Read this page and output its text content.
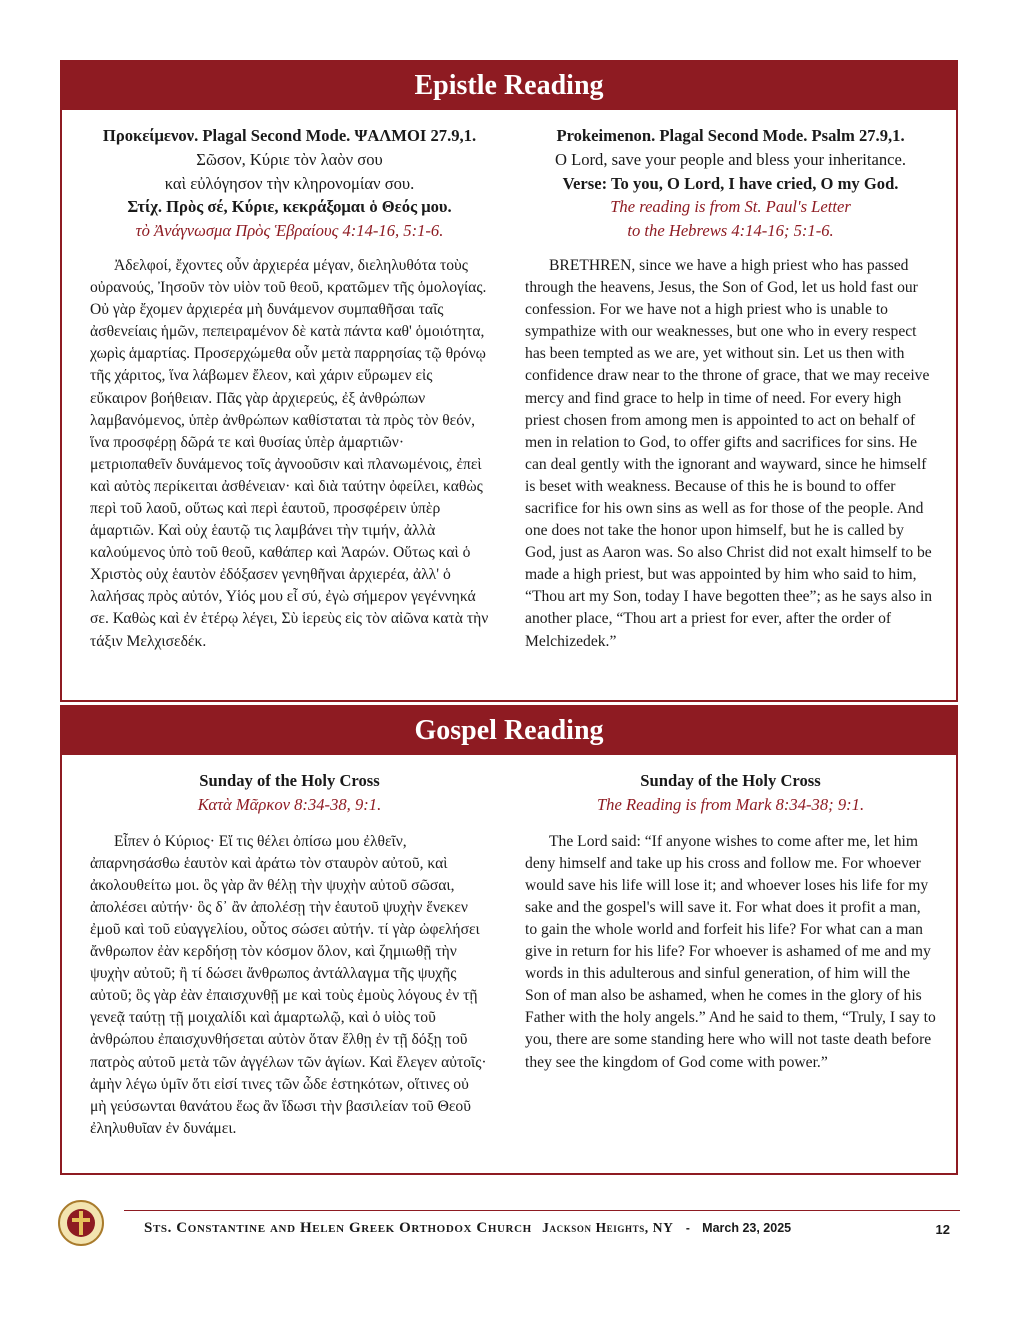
Epistle Reading
Προκείμενον. Plagal Second Mode. ΨΑΛΜΟΙ 27.9,1.
Σῶσον, Κύριε τὸν λαὸν σου
καὶ εὐλόγησον τὴν κληρονομίαν σου.
Στίχ. Πρὸς σέ, Κύριε, κεκράξομαι ὁ Θεός μου.
τὸ Ἀνάγνωσμα Πρὸς Ἑβραίους 4:14-16, 5:1-6.

Ἀδελφοί, ἔχοντες οὖν ἀρχιερέα μέγαν, διεληλυθότα τοὺς οὐρανούς, Ἰησοῦν τὸν υἱὸν τοῦ θεοῦ, κρατῶμεν τῆς ὁμολογίας. Οὐ γὰρ ἔχομεν ἀρχιερέα μὴ δυνάμενον συμπαθῆσαι ταῖς ἀσθενείαις ἡμῶν, πεπειραμένον δὲ κατὰ πάντα καθ' ὁμοιότητα, χωρὶς ἁμαρτίας. Προσερχώμεθα οὖν μετὰ παρρησίας τῷ θρόνῳ τῆς χάριτος, ἵνα λάβωμεν ἔλεον, καὶ χάριν εὕρωμεν εἰς εὔκαιρον βοήθειαν. Πᾶς γὰρ ἀρχιερεύς, ἐξ ἀνθρώπων λαμβανόμενος, ὑπὲρ ἀνθρώπων καθίσταται τὰ πρὸς τὸν θεόν, ἵνα προσφέρῃ δῶρά τε καὶ θυσίας ὑπὲρ ἁμαρτιῶν· μετριοπαθεῖν δυνάμενος τοῖς ἀγνοοῦσιν καὶ πλανωμένοις, ἐπεὶ καὶ αὐτὸς περίκειται ἀσθένειαν· καὶ διὰ ταύτην ὀφείλει, καθὼς περὶ τοῦ λαοῦ, οὕτως καὶ περὶ ἑαυτοῦ, προσφέρειν ὑπὲρ ἁμαρτιῶν. Καὶ οὐχ ἑαυτῷ τις λαμβάνει τὴν τιμήν, ἀλλὰ καλούμενος ὑπὸ τοῦ θεοῦ, καθάπερ καὶ Ἀαρών. Οὕτως καὶ ὁ Χριστὸς οὐχ ἑαυτὸν ἐδόξασεν γενηθῆναι ἀρχιερέα, ἀλλ' ὁ λαλήσας πρὸς αὐτόν, Υἱός μου εἶ σύ, ἐγὼ σήμερον γεγέννηκά σε. Καθὼς καὶ ἐν ἑτέρῳ λέγει, Σὺ ἱερεὺς εἰς τὸν αἰῶνα κατὰ τὴν τάξιν Μελχισεδέκ.

Prokeimenon. Plagal Second Mode. Psalm 27.9,1.
O Lord, save your people and bless your inheritance.
Verse: To you, O Lord, I have cried, O my God.
The reading is from St. Paul's Letter
to the Hebrews 4:14-16; 5:1-6.

BRETHREN, since we have a high priest who has passed through the heavens, Jesus, the Son of God, let us hold fast our confession. For we have not a high priest who is unable to sympathize with our weaknesses, but one who in every respect has been tempted as we are, yet without sin. Let us then with confidence draw near to the throne of grace, that we may receive mercy and find grace to help in time of need. For every high priest chosen from among men is appointed to act on behalf of men in relation to God, to offer gifts and sacrifices for sins. He can deal gently with the ignorant and wayward, since he himself is beset with weakness. Because of this he is bound to offer sacrifice for his own sins as well as for those of the people. And one does not take the honor upon himself, but he is called by God, just as Aaron was. So also Christ did not exalt himself to be made a high priest, but was appointed by him who said to him, “Thou art my Son, today I have begotten thee”; as he says also in another place, “Thou art a priest for ever, after the order of Melchizedek.”

Gospel Reading
Sunday of the Holy Cross
Κατὰ Μᾶρκον 8:34-38, 9:1.

Εἶπεν ὁ Κύριος· Εἴ τις θέλει ὀπίσω μου ἐλθεῖν, ἀπαρνησάσθω ἑαυτὸν καὶ ἀράτω τὸν σταυρὸν αὐτοῦ, καὶ ἀκολουθείτω μοι. ὃς γὰρ ἂν θέλῃ τὴν ψυχὴν αὐτοῦ σῶσαι, ἀπολέσει αὐτήν· ὃς δ᾽ ἂν ἀπολέσῃ τὴν ἑαυτοῦ ψυχὴν ἕνεκεν ἐμοῦ καὶ τοῦ εὐαγγελίου, οὗτος σώσει αὐτήν. τί γὰρ ὠφελήσει ἄνθρωπον ἐὰν κερδήσῃ τὸν κόσμον ὅλον, καὶ ζημιωθῇ τὴν ψυχὴν αὐτοῦ; ἢ τί δώσει ἄνθρωπος ἀντάλλαγμα τῆς ψυχῆς αὐτοῦ; ὃς γὰρ ἐὰν ἐπαισχυνθῇ με καὶ τοὺς ἐμοὺς λόγους ἐν τῇ γενεᾷ ταύτῃ τῇ μοιχαλίδι καὶ ἁμαρτωλῷ, καὶ ὁ υἱὸς τοῦ ἀνθρώπου ἐπαισχυνθήσεται αὐτὸν ὅταν ἔλθῃ ἐν τῇ δόξῃ τοῦ πατρὸς αὐτοῦ μετὰ τῶν ἀγγέλων τῶν ἁγίων. Καὶ ἔλεγεν αὐτοῖς· ἀμὴν λέγω ὑμῖν ὅτι εἰσί τινες τῶν ὧδε ἑστηκότων, οἵτινες οὐ μὴ γεύσωνται θανάτου ἕως ἂν ἴδωσι τὴν βασιλείαν τοῦ Θεοῦ ἐληλυθυῖαν ἐν δυνάμει.

Sunday of the Holy Cross
The Reading is from Mark 8:34-38; 9:1.

The Lord said: “If anyone wishes to come after me, let him deny himself and take up his cross and follow me. For whoever would save his life will lose it; and whoever loses his life for my sake and the gospel's will save it. For what does it profit a man, to gain the whole world and forfeit his life? For what can a man give in return for his life? For whoever is ashamed of me and my words in this adulterous and sinful generation, of him will the Son of man also be ashamed, when he comes in the glory of his Father with the holy angels.” And he said to them, “Truly, I say to you, there are some standing here who will not taste death before they see the kingdom of God come with power.”

Sts. Constantine and Helen Greek Orthodox Church Jackson Heights, NY - March 23, 2025	12
